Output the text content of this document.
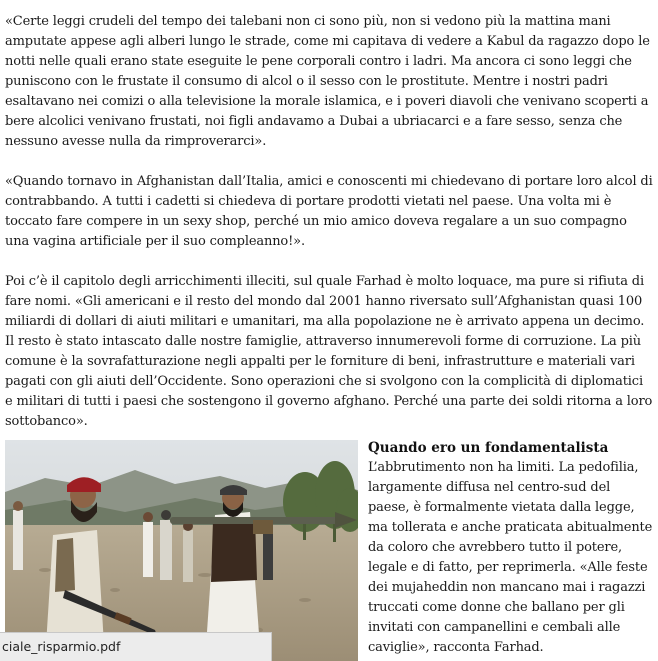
«Certe leggi crudeli del tempo dei talebani non ci sono più, non si vedono più la mattina mani amputate appese agli alberi lungo le strade, come mi capitava di vedere a Kabul da ragazzo dopo le notti nelle quali erano state eseguite le pene corporali contro i ladri. Ma ancora ci sono leggi che puniscono con le frustate il consumo di alcol o il sesso con le prostitute. Mentre i nostri padri esaltavano nei comizi o alla televisione la morale islamica, e i poveri diavoli che venivano scoperti a bere alcolici venivano frustati, noi figli andavamo a Dubai a ubriacarci e a fare sesso, senza che nessuno avesse nulla da rimproverarci».

«Quando tornavo in Afghanistan dall’Italia, amici e conoscenti mi chiedevano di portare loro alcol di contrabbando. A tutti i cadetti si chiedeva di portare prodotti vietati nel paese. Una volta mi è toccato fare compere in un sexy shop, perché un mio amico doveva regalare a un suo compagno una vagina artificiale per il suo compleanno!».

Poi c’è il capitolo degli arricchimenti illeciti, sul quale Farhad è molto loquace, ma pure si rifiuta di fare nomi. «Gli americani e il resto del mondo dal 2001 hanno riversato sull’Afghanistan quasi 100 miliardi di dollari di aiuti militari e umanitari, ma alla popolazione ne è arrivato appena un decimo. Il resto è stato intascato dalle nostre famiglie, attraverso innumerevoli forme di corruzione. La più comune è la sovrafatturazione negli appalti per le forniture di beni, infrastrutture e materiali vari pagati con gli aiuti dell’Occidente. Sono operazioni che si svolgono con la complicità di diplomatici e militari di tutti i paesi che sostengono il governo afghano. Perché una parte dei soldi ritorna a loro sottobanco».

Quando ero un fondamentalista

L’abbrutimento non ha limiti. La pedofilia, largamente diffusa nel centro-sud del paese, è formalmente vietata dalla legge, ma tollerata e anche praticata abitualmente da coloro che avrebbero tutto il potere, legale e di fatto, per reprimerla. «Alle feste dei mujaheddin non mancano mai i ragazzi truccati come donne che ballano per gli invitati con campanellini e cembali alle caviglie», racconta Farhad.

ciale_risparmio.pdf
